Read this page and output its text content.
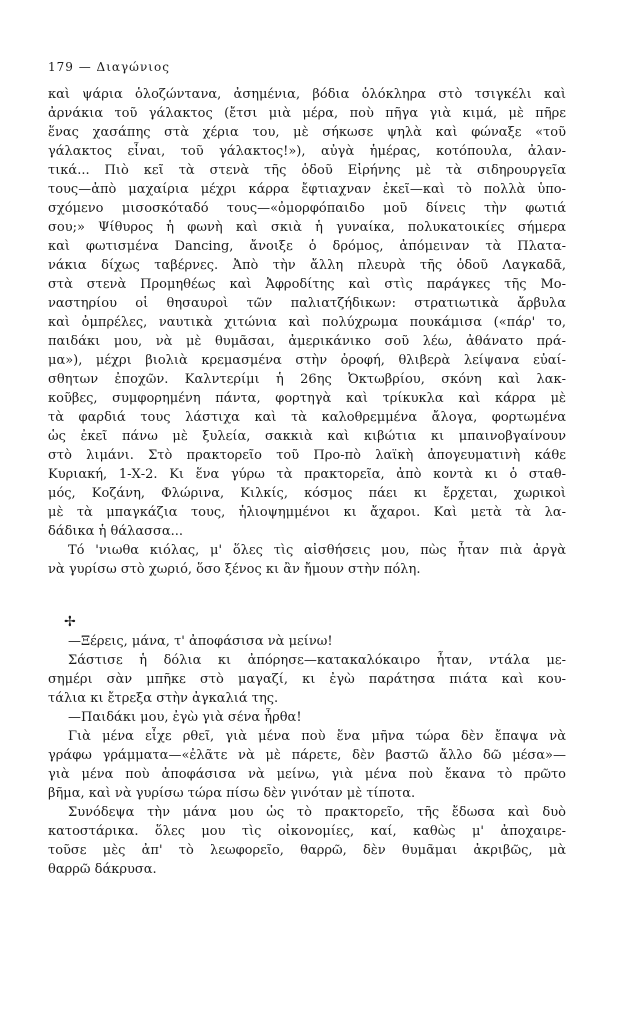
179 — Διαγώνιος
καὶ ψάρια ὁλοζώντανα, ἀσημένια, βόδια ὁλόκληρα στὸ τσιγκέλι καὶ
ἀρνάκια τοῦ γάλακτος (ἔτσι μιὰ μέρα, ποὺ πῆγα γιὰ κιμά, μὲ πῆρε
ἕνας χασάπης στὰ χέρια του, μὲ σήκωσε ψηλὰ καὶ φώναξε «τοῦ
γάλακτος εἶναι, τοῦ γάλακτος!»), αὐγὰ ἡμέρας, κοτόπουλα, ἀλαν-
τικά... Πιὸ κεῖ τὰ στενὰ τῆς ὁδοῦ Εἰρήνης μὲ τὰ σιδηρουργεῖα
τους—ἀπὸ μαχαίρια μέχρι κάρρα ἔφτιαχναν ἐκεῖ—καὶ τὸ πολλὰ ὑπο-
σχόμενο μισοσκόταδό τους—«ὀμορφόπαιδο μοῦ δίνεις τὴν φωτιά
σου;» Ψίθυρος ἡ φωνὴ καὶ σκιὰ ἡ γυναίκα, πολυκατοικίες σήμερα
καὶ φωτισμένα Dancing, ἄνοιξε ὁ δρόμος, ἀπόμειναν τὰ Πλατα-
νάκια δίχως ταβέρνες. Ἀπὸ τὴν ἄλλη πλευρὰ τῆς ὁδοῦ Λαγκαδᾶ,
στὰ στενὰ Προμηθέως καὶ Ἀφροδίτης καὶ στὶς παράγκες τῆς Μο-
ναστηρίου οἱ θησαυροὶ τῶν παλιατζήδικων: στρατιωτικὰ ἄρβυλα
καὶ ὀμπρέλες, ναυτικὰ χιτώνια καὶ πολύχρωμα πουκάμισα («πάρ' το,
παιδάκι μου, νὰ μὲ θυμᾶσαι, ἀμερικάνικο σοῦ λέω, ἀθάνατο πρά-
μα»), μέχρι βιολιὰ κρεμασμένα στὴν ὀροφή, θλιβερὰ λείψανα εὐαί-
σθητων ἐποχῶν. Καλντερίμι ἡ 26ης Ὀκτωβρίου, σκόνη καὶ λακ-
κοῦβες, συμφορημένη πάντα, φορτηγὰ καὶ τρίκυκλα καὶ κάρρα μὲ
τὰ φαρδιά τους λάστιχα καὶ τὰ καλοθρεμμένα ἄλογα, φορτωμένα
ὡς ἐκεῖ πάνω μὲ ξυλεία, σακκιὰ καὶ κιβώτια κι μπαινοβγαίνουν
στὸ λιμάνι. Στὸ πρακτορεῖο τοῦ Προ-πὸ λαϊκὴ ἀπογευματινὴ κάθε
Κυριακή, 1-Χ-2. Κι ἕνα γύρω τὰ πρακτορεῖα, ἀπὸ κοντὰ κι ὁ σταθ-
μός, Κοζάνη, Φλώρινα, Κιλκίς, κόσμος πάει κι ἔρχεται, χωρικοὶ
μὲ τὰ μπαγκάζια τους, ἡλιοψημμένοι κι ἄχαροι. Καὶ μετὰ τὰ λα-
δάδικα ἡ θάλασσα...
Τό 'νιωθα κιόλας, μ' ὅλες τὶς αἰσθήσεις μου, πὼς ἦταν πιὰ ἀργὰ
νὰ γυρίσω στὸ χωριό, ὅσο ξένος κι ἂν ἤμουν στὴν πόλη.
✢
—Ξέρεις, μάνα, τ' ἀποφάσισα νὰ μείνω!
Σάστισε ἡ δόλια κι ἀπόρησε—κατακαλόκαιρο ἦταν, ντάλα με-
σημέρι σὰν μπῆκε στὸ μαγαζί, κι ἐγὼ παράτησα πιάτα καὶ κου-
τάλια κι ἔτρεξα στὴν ἀγκαλιά της.
—Παιδάκι μου, ἐγὼ γιὰ σένα ἦρθα!
Γιὰ μένα εἶχε ρθεῖ, γιὰ μένα ποὺ ἕνα μῆνα τώρα δὲν ἔπαψα νὰ
γράφω γράμματα—«ἐλᾶτε νὰ μὲ πάρετε, δὲν βαστῶ ἄλλο δῶ μέσα»—
γιὰ μένα ποὺ ἀποφάσισα νὰ μείνω, γιὰ μένα ποὺ ἔκανα τὸ πρῶτο
βῆμα, καὶ νὰ γυρίσω τώρα πίσω δὲν γινόταν μὲ τίποτα.
Συνόδεψα τὴν μάνα μου ὡς τὸ πρακτορεῖο, τῆς ἔδωσα καὶ δυὸ
κατοστάρικα. ὅλες μου τὶς οἰκονομίες, καί, καθὼς μ' ἀποχαιρε-
τοῦσε μὲς ἀπ' τὸ λεωφορεῖο, θαρρῶ, δὲν θυμᾶμαι ἀκριβῶς, μὰ
θαρρῶ δάκρυσα.
